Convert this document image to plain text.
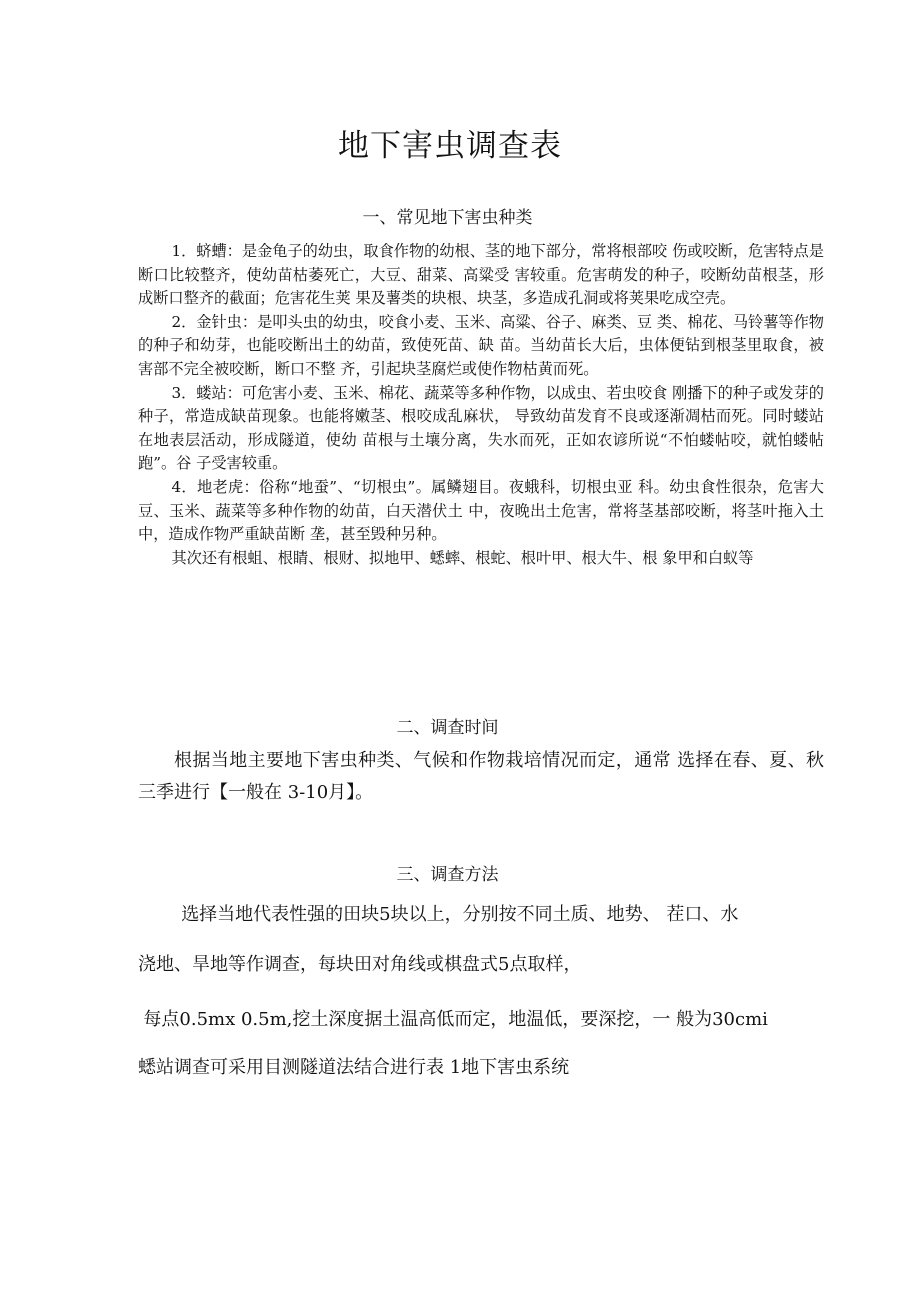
地下害虫调查表
一、常见地下害虫种类

1．蛴螬：是金龟子的幼虫，取食作物的幼根、茎的地下部分，常将根部咬 伤或咬断，危害特点是断口比较整齐，使幼苗枯萎死亡，大豆、甜菜、高粱受 害较重。危害萌发的种子，咬断幼苗根茎，形成断口整齐的截面；危害花生荚 果及薯类的块根、块茎，多造成孔洞或将荚果吃成空壳。

2．金针虫：是叩头虫的幼虫，咬食小麦、玉米、高粱、谷子、麻类、豆 类、棉花、马铃薯等作物的种子和幼芽，也能咬断出土的幼苗，致使死苗、缺 苗。当幼苗长大后，虫体便钻到根茎里取食，被害部不完全被咬断，断口不整 齐，引起块茎腐烂或使作物枯黄而死。

3．蝼站：可危害小麦、玉米、棉花、蔬菜等多种作物，以成虫、若虫咬食 刚播下的种子或发芽的种子，常造成缺苗现象。也能将嫩茎、根咬成乱麻状， 导致幼苗发育不良或逐渐凋枯而死。同时蝼站在地表层活动，形成隧道，使幼 苗根与土壤分离，失水而死，正如农谚所说“不怕蝼帖咬，就怕蝼帖跑”。谷 子受害较重。

4．地老虎：俗称“地蚕”、“切根虫”。属鳞翅目。夜蛾科，切根虫亚 科。幼虫食性很杂，危害大豆、玉米、蔬菜等多种作物的幼苗，白天潜伏土 中，夜晚出土危害，常将茎基部咬断，将茎叶拖入土中，造成作物严重缺苗断 垄，甚至毁种另种。

其次还有根蛆、根睛、根财、拟地甲、蟋蟀、根蛇、根叶甲、根大牛、根 象甲和白蚁等

二、调查时间

根据当地主要地下害虫种类、气候和作物栽培情况而定，通常 选择在春、夏、秋三季进行【一般在 3-10月】。

三、调查方法

选择当地代表性强的田块5块以上，分别按不同土质、地势、 茬口、水

浇地、旱地等作调查，每块田对角线或棋盘式5点取样，

每点0.5mx 0.5m,挖土深度据土温高低而定，地温低，要深挖，一 般为30cmi

蟋站调查可采用目测隧道法结合进行表 1地下害虫系统
